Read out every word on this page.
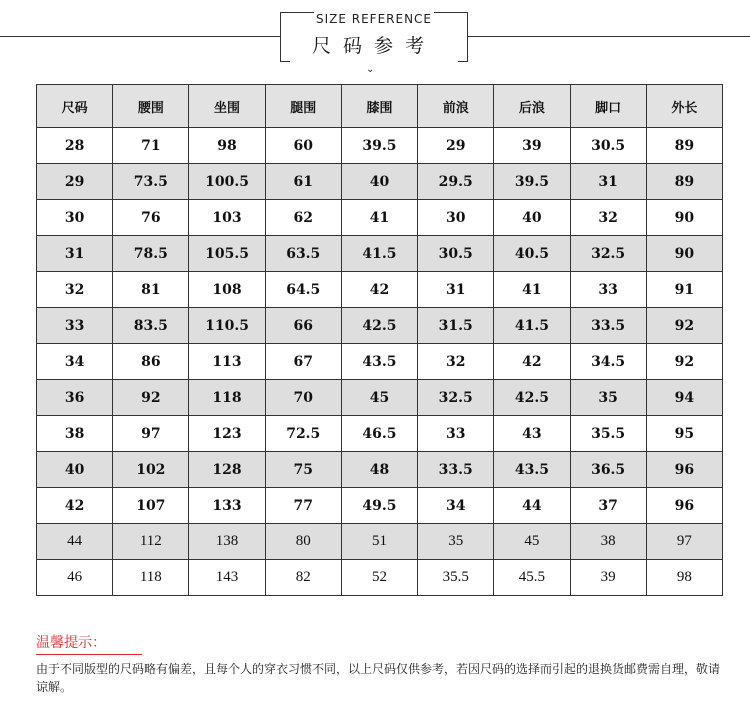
SIZE REFERENCE
尺码参考
⌄
尺码	腰围	坐围	腿围	膝围	前浪	后浪	脚口	外长
28	71	98	60	39.5	29	39	30.5	89
29	73.5	100.5	61	40	29.5	39.5	31	89
30	76	103	62	41	30	40	32	90
31	78.5	105.5	63.5	41.5	30.5	40.5	32.5	90
32	81	108	64.5	42	31	41	33	91
33	83.5	110.5	66	42.5	31.5	41.5	33.5	92
34	86	113	67	43.5	32	42	34.5	92
36	92	118	70	45	32.5	42.5	35	94
38	97	123	72.5	46.5	33	43	35.5	95
40	102	128	75	48	33.5	43.5	36.5	96
42	107	133	77	49.5	34	44	37	96
44	112	138	80	51	35	45	38	97
46	118	143	82	52	35.5	45.5	39	98
温馨提示：
由于不同版型的尺码略有偏差，且每个人的穿衣习惯不同，以上尺码仅供参考，若因尺码的选择而引起的退换货邮费需自理，敬请谅解。
